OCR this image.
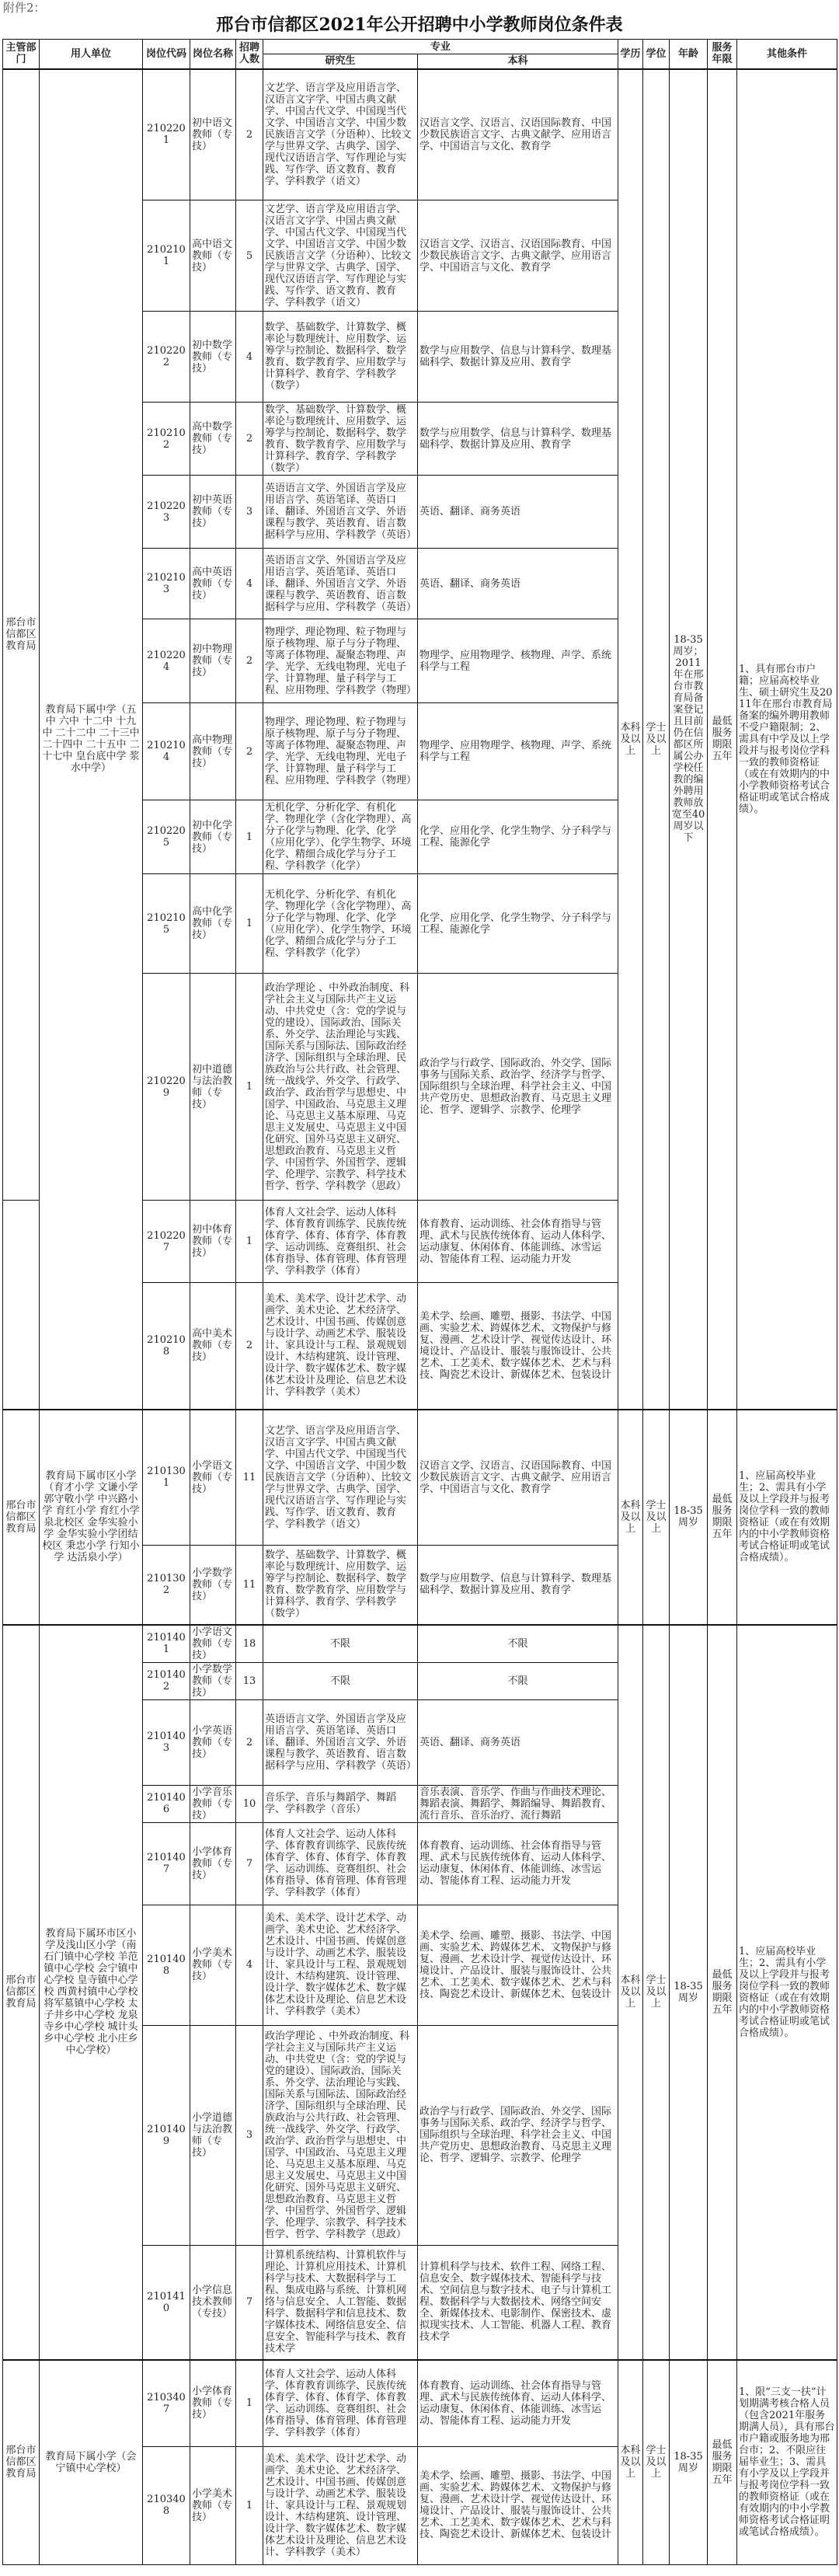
附件2：
邢台市信都区2021年公开招聘中小学教师岗位条件表
主管部门	用人单位	岗位代码	岗位名称	招聘人数	专业		学历	学位	年龄	服务年限	其他条件
					研究生	本科					
邢台市信都区教育局	教育局下属中学（五中 六中 十二中 十九中 二十二中 二十三中 二十四中 二十五中 二十七中 皇台底中学 浆水中学）	2102201	初中语文教师（专技）	2	文艺学、语言学及应用语言学、汉语言文字学、中国古典文献学、中国古代文学、中国现当代文学、中国语言文学、中国少数民族语言文学（分语种）、比较文学与世界文学、古典学、国学、现代汉语语言学、写作理论与实践、写作学、语文教育、教育学、学科教学（语文）	汉语言文学、汉语言、汉语国际教育、中国少数民族语言文字、古典文献学、应用语言学、中国语言与文化、教育学	本科及以上	学士及以上	18-35周岁；2011年在邢台市教育局备案登记且目前仍在信都区所属公办学校任教的编外聘用教师放宽至40周岁以下	最低服务期限五年	1、具有邢台市户籍；应届高校毕业生、硕士研究生及2011年在邢台市教育局备案的编外聘用教师不受户籍限制；2、需具有中学及以上学段并与报考岗位学科一致的教师资格证（或在有效期内的中小学教师资格考试合格证明或笔试合格成绩）。
		2102101	高中语文教师（专技）	5	文艺学、语言学及应用语言学、汉语言文字学、中国古典文献学、中国古代文学、中国现当代文学、中国语言文学、中国少数民族语言文学（分语种）、比较文学与世界文学、古典学、国学、现代汉语语言学、写作理论与实践、写作学、语文教育、教育学、学科教学（语文）	汉语言文学、汉语言、汉语国际教育、中国少数民族语言文字、古典文献学、应用语言学、中国语言与文化、教育学					
		2102202	初中数学教师（专技）	4	数学、基础数学、计算数学、概率论与数理统计、应用数学、运筹学与控制论、数据科学、数学教育、数学教育学、应用数学与计算科学、教育学、学科教学（数学）	数学与应用数学、信息与计算科学、数理基础科学、数据计算及应用、教育学					
		2102102	高中数学教师（专技）	2	数学、基础数学、计算数学、概率论与数理统计、应用数学、运筹学与控制论、数据科学、数学教育、数学教育学、应用数学与计算科学、教育学、学科教学（数学）	数学与应用数学、信息与计算科学、数理基础科学、数据计算及应用、教育学					
		2102203	初中英语教师（专技）	3	英语语言文学、外国语言学及应用语言学、英语笔译、英语口译、翻译、外国语言文学、外语课程与教学、英语教育、语言数据科学与应用、学科教学（英语）	英语、翻译、商务英语					
		2102103	高中英语教师（专技）	4	英语语言文学、外国语言学及应用语言学、英语笔译、英语口译、翻译、外国语言文学、外语课程与教学、英语教育、语言数据科学与应用、学科教学（英语）	英语、翻译、商务英语					
		2102204	初中物理教师（专技）	2	物理学、理论物理、粒子物理与原子核物理、原子与分子物理、等离子体物理、凝聚态物理、声学、光学、无线电物理、光电子学、计算物理、量子科学与工程、应用物理、学科教学（物理）	物理学、应用物理学、核物理、声学、系统科学与工程					
		2102104	高中物理教师（专技）	2	物理学、理论物理、粒子物理与原子核物理、原子与分子物理、等离子体物理、凝聚态物理、声学、光学、无线电物理、光电子学、计算物理、量子科学与工程、应用物理、学科教学（物理）	物理学、应用物理学、核物理、声学、系统科学与工程					
		2102205	初中化学教师（专技）	1	无机化学、分析化学、有机化学、物理化学（含化学物理）、高分子化学与物理、化学、化学（应用化学）、化学生物学、环境化学、精细合成化学与分子工程、学科教学（化学）	化学、应用化学、化学生物学、分子科学与工程、能源化学					
		2102105	高中化学教师（专技）	1	无机化学、分析化学、有机化学、物理化学（含化学物理）、高分子化学与物理、化学、化学（应用化学）、化学生物学、环境化学、精细合成化学与分子工程、学科教学（化学）	化学、应用化学、化学生物学、分子科学与工程、能源化学					
		2102209	初中道德与法治教师（专技）	1	政治学理论 、中外政治制度、科学社会主义与国际共产主义运动、中共党史（含：党的学说与党的建设）、国际政治、国际关系、外交学、法治理论与实践、国际关系与国际法、国际政治经济学、国际组织与全球治理、民族政治与公共行政、社会管理、统一战线学、外交学、行政学、政治学、政治哲学与思想史、中国学、中国政治、马克思主义理论、马克思主义基本原理、马克思主义发展史、马克思主义中国化研究、国外马克思主义研究、思想政治教育、马克思主义哲学、中国哲学、外国哲学、逻辑学、伦理学、宗教学、科学技术哲学、哲学、学科教学（思政）	政治学与行政学、国际政治、外交学、国际事务与国际关系、政治学、经济学与哲学、国际组织与全球治理、科学社会主义、中国共产党历史、思想政治教育、马克思主义理论、哲学、逻辑学、宗教学、伦理学					
		2102207	初中体育教师（专技）	1	体育人文社会学、运动人体科学、体育教育训练学、民族传统体育学、体育、体育学、体育教学、运动训练、竞赛组织、社会体育指导、体育管理、体育管理学、学科教学（体育）	体育教育、运动训练、社会体育指导与管理、武术与民族传统体育、运动人体科学、运动康复、休闲体育、体能训练、冰雪运动、智能体育工程、运动能力开发					
		2102108	高中美术教师（专技）	2	美术、美术学、设计艺术学、动画学、美术史论、艺术经济学、艺术设计、中国书画、传媒创意与设计学、动画艺术学、服装设计、家具设计与工程、景观规划设计、木结构建筑、设计管理、设计学、数字媒体艺术、数字媒体艺术设计及理论、信息艺术设计、学科教学（美术）	美术学、绘画、雕塑、摄影、书法学、中国画、实验艺术、跨媒体艺术、文物保护与修复、漫画、艺术设计学、视觉传达设计、环境设计、产品设计、服装与服饰设计、公共艺术、工艺美术、数字媒体艺术、艺术与科技、陶瓷艺术设计、新媒体艺术、包装设计					
邢台市信都区教育局	教育局下属市区小学（育才小学 文谦小学 郭守敬小学 中兴路小学 育红小学 育红小学泉北校区 金华实验小学 金华实验小学团结校区 秉忠小学 行知小学 达活泉小学）	2101301	小学语文教师（专技）	11	文艺学、语言学及应用语言学、汉语言文字学、中国古典文献学、中国古代文学、中国现当代文学、中国语言文学、中国少数民族语言文学（分语种）、比较文学与世界文学、古典学、国学、现代汉语语言学、写作理论与实践、写作学、语文教育、教育学、学科教学（语文）	汉语言文学、汉语言、汉语国际教育、中国少数民族语言文字、古典文献学、应用语言学、中国语言与文化、教育学	本科及以上	学士及以上	18-35周岁	最低服务期限五年	1、应届高校毕业生；2、需具有小学及以上学段并与报考岗位学科一致的教师资格证（或在有效期内的中小学教师资格考试合格证明或笔试合格成绩）。
		2101302	小学数学教师（专技）	11	数学、基础数学、计算数学、概率论与数理统计、应用数学、运筹学与控制论、数据科学、数学教育、数学教育学、应用数学与计算科学、教育学、学科教学（数学）	数学与应用数学、信息与计算科学、数理基础科学、数据计算及应用、教育学					
邢台市信都区教育局	教育局下属环市区小学及浅山区小学（南石门镇中心学校 羊范镇中心学校 会宁镇中心学校 皇寺镇中心学校 西黄村镇中心学校 将军墓镇中心学校 太子井乡中心学校 龙泉寺乡中心学校 城计头乡中心学校 北小庄乡中心学校）	2101401	小学语文教师（专技）	18	不限	不限	本科及以上	学士及以上	18-35周岁	最低服务期限五年	1、应届高校毕业生；2、需具有小学及以上学段并与报考岗位学科一致的教师资格证（或在有效期内的中小学教师资格考试合格证明或笔试合格成绩）。
		2101402	小学数学教师（专技）	13	不限	不限					
		2101403	小学英语教师（专技）	2	英语语言文学、外国语言学及应用语言学、英语笔译、英语口译、翻译、外国语言文学、外语课程与教学、英语教育、语言数据科学与应用、学科教学（英语）	英语、翻译、商务英语					
		2101406	小学音乐教师（专技）	10	音乐学、音乐与舞蹈学、舞蹈学、学科教学（音乐）	音乐表演、音乐学、作曲与作曲技术理论、舞蹈表演、舞蹈学、舞蹈编导、舞蹈教育、流行音乐、音乐治疗、流行舞蹈					
		2101407	小学体育教师（专技）	7	体育人文社会学、运动人体科学、体育教育训练学、民族传统体育学、体育、体育学、体育教学、运动训练、竞赛组织、社会体育指导、体育管理、体育管理学、学科教学（体育）	体育教育、运动训练、社会体育指导与管理、武术与民族传统体育、运动人体科学、运动康复、休闲体育、体能训练、冰雪运动、智能体育工程、运动能力开发					
		2101408	小学美术教师（专技）	4	美术、美术学、设计艺术学、动画学、美术史论、艺术经济学、艺术设计、中国书画、传媒创意与设计学、动画艺术学、服装设计、家具设计与工程、景观规划设计、木结构建筑、设计管理、设计学、数字媒体艺术、数字媒体艺术设计及理论、信息艺术设计、学科教学（美术）	美术学、绘画、雕塑、摄影、书法学、中国画、实验艺术、跨媒体艺术、文物保护与修复、漫画、艺术设计学、视觉传达设计、环境设计、产品设计、服装与服饰设计、公共艺术、工艺美术、数字媒体艺术、艺术与科技、陶瓷艺术设计、新媒体艺术、包装设计					
		2101409	小学道德与法治教师（专技）	3	政治学理论 、中外政治制度、科学社会主义与国际共产主义运动、中共党史（含：党的学说与党的建设）、国际政治、国际关系、外交学、法治理论与实践、国际关系与国际法、国际政治经济学、国际组织与全球治理、民族政治与公共行政、社会管理、统一战线学、外交学、行政学、政治学、政治哲学与思想史、中国学、中国政治、马克思主义理论、马克思主义基本原理、马克思主义发展史、马克思主义中国化研究、国外马克思主义研究、思想政治教育、马克思主义哲学、中国哲学、外国哲学、逻辑学、伦理学、宗教学、科学技术哲学、哲学、学科教学（思政）	政治学与行政学、国际政治、外交学、国际事务与国际关系、政治学、经济学与哲学、国际组织与全球治理、科学社会主义、中国共产党历史、思想政治教育、马克思主义理论、哲学、逻辑学、宗教学、伦理学					
		2101410	小学信息技术教师（专技）	7	计算机系统结构、计算机软件与理论、计算机应用技术、计算机科学与技术、大数据科学与工程、集成电路与系统、计算机网络与信息安全、人工智能、数据科学、数据科学和信息技术、数字媒体技术、网络信息安全、信息安全、智能科学与技术、教育技术学	计算机科学与技术、软件工程、网络工程、信息安全、数字媒体技术、智能科学与技术、空间信息与数字技术、电子与计算机工程、数据科学与大数据技术、网络空间安全、新媒体技术、电影制作、保密技术、虚拟现实技术、人工智能、机器人工程、教育技术学					
邢台市信都区教育局	教育局下属小学（会宁镇中心学校）	2103407	小学体育教师（专技）	1	体育人文社会学、运动人体科学、体育教育训练学、民族传统体育学、体育、体育学、体育教学、运动训练、竞赛组织、社会体育指导、体育管理、体育管理学、学科教学（体育）	体育教育、运动训练、社会体育指导与管理、武术与民族传统体育、运动人体科学、运动康复、休闲体育、体能训练、冰雪运动、智能体育工程、运动能力开发	本科及以上	学士及以上	18-35周岁	最低服务期限五年	1、限“三支一扶”计划期满考核合格人员（包含2021年服务期满人员），具有邢台市户籍或服务地为邢台市；2、不限应往届毕业生；3、需具有小学及以上学段并与报考岗位学科一致的教师资格证（或在有效期内的中小学教师资格考试合格证明或笔试合格成绩）。
		2103408	小学美术教师（专技）	1	美术、美术学、设计艺术学、动画学、美术史论、艺术经济学、艺术设计、中国书画、传媒创意与设计学、动画艺术学、服装设计、家具设计与工程、景观规划设计、木结构建筑、设计管理、设计学、数字媒体艺术、数字媒体艺术设计及理论、信息艺术设计、学科教学（美术）	美术学、绘画、雕塑、摄影、书法学、中国画、实验艺术、跨媒体艺术、文物保护与修复、漫画、艺术设计学、视觉传达设计、环境设计、产品设计、服装与服饰设计、公共艺术、工艺美术、数字媒体艺术、艺术与科技、陶瓷艺术设计、新媒体艺术、包装设计					
